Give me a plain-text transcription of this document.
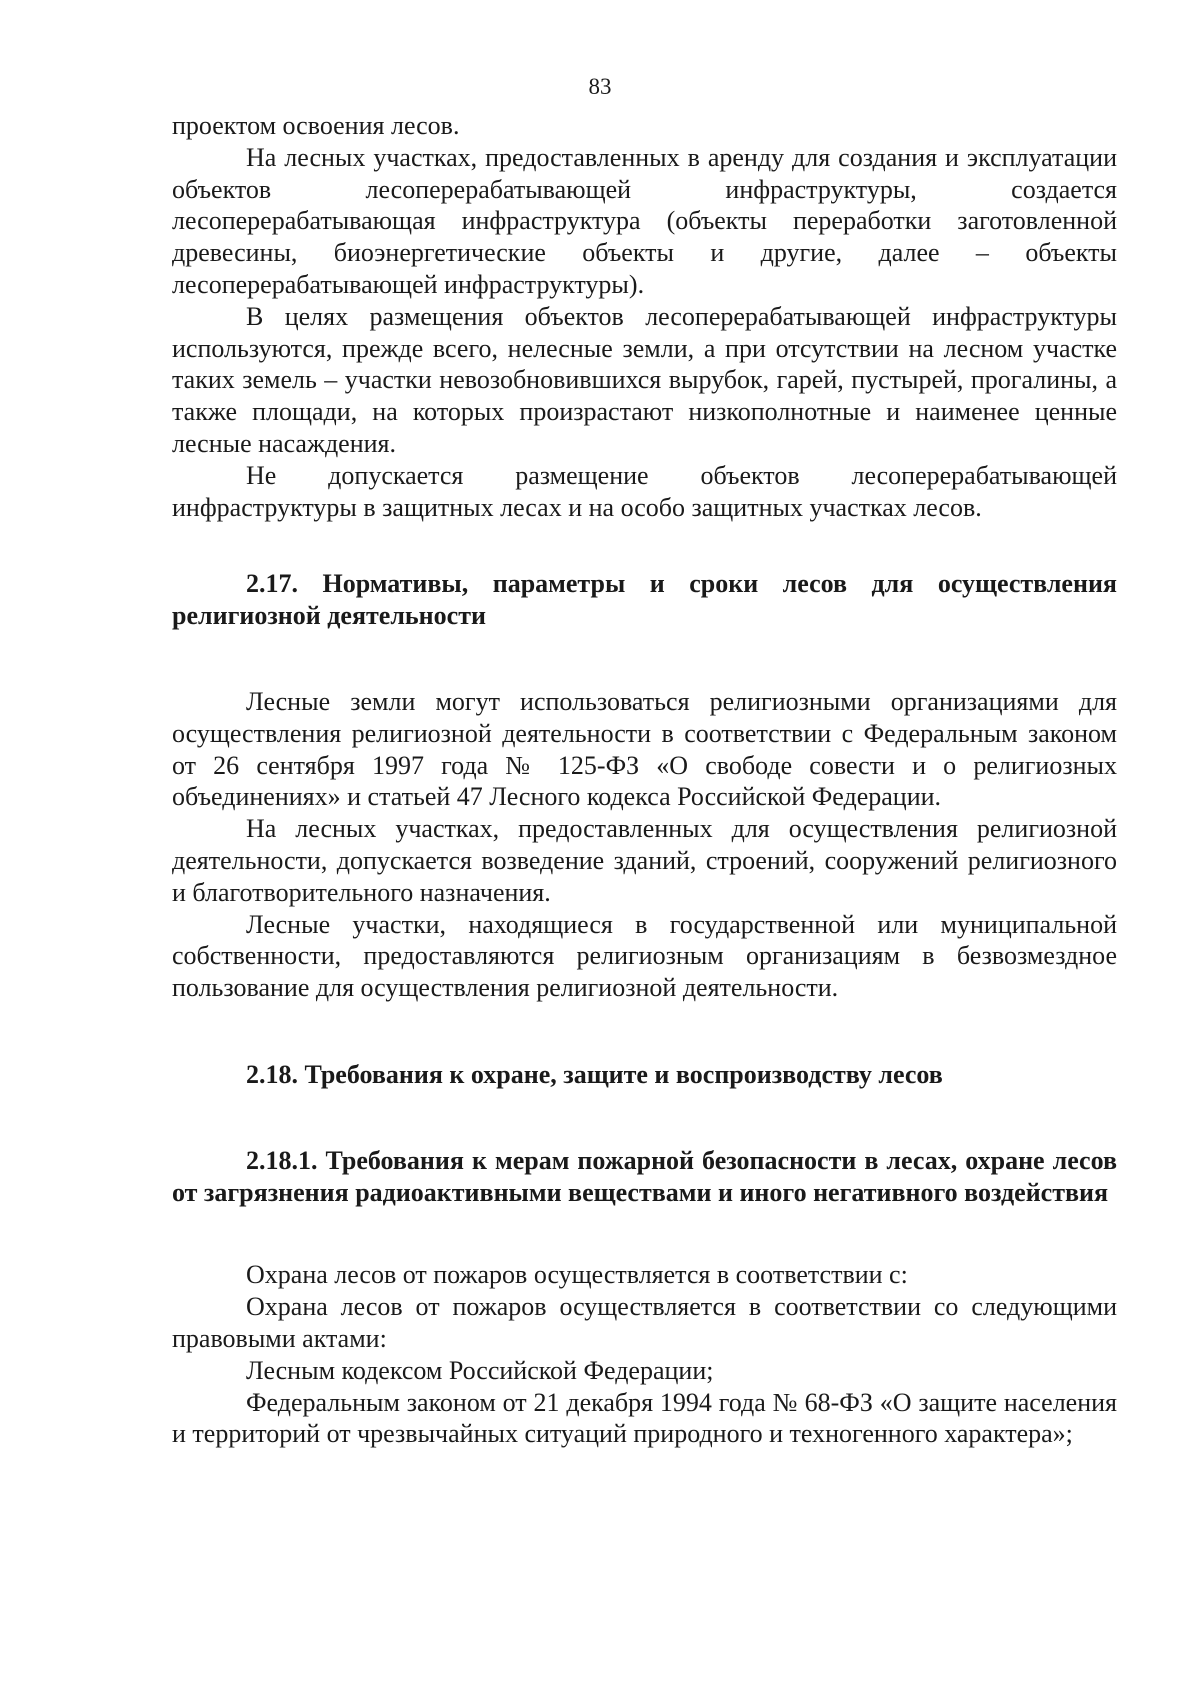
83

проектом освоения лесов.

На лесных участках, предоставленных в аренду для создания и эксплуатации объектов лесоперерабатывающей инфраструктуры, создается лесоперерабатывающая инфраструктура (объекты переработки заготовленной древесины, биоэнергетические объекты и другие, далее – объекты лесоперерабатывающей инфраструктуры).

В целях размещения объектов лесоперерабатывающей инфраструктуры используются, прежде всего, нелесные земли, а при отсутствии на лесном участке таких земель – участки невозобновившихся вырубок, гарей, пустырей, прогалины, а также площади, на которых произрастают низкополнотные и наименее ценные лесные насаждения.

Не допускается размещение объектов лесоперерабатывающей инфраструктуры в защитных лесах и на особо защитных участках лесов.

2.17. Нормативы, параметры и сроки лесов для осуществления религиозной деятельности

Лесные земли могут использоваться религиозными организациями для осуществления религиозной деятельности в соответствии с Федеральным законом от 26 сентября 1997 года № 125-ФЗ «О свободе совести и о религиозных объединениях» и статьей 47 Лесного кодекса Российской Федерации.

На лесных участках, предоставленных для осуществления религиозной деятельности, допускается возведение зданий, строений, сооружений религиозного и благотворительного назначения.

Лесные участки, находящиеся в государственной или муниципальной собственности, предоставляются религиозным организациям в безвозмездное пользование для осуществления религиозной деятельности.

2.18. Требования к охране, защите и воспроизводству лесов
2.18.1. Требования к мерам пожарной безопасности в лесах, охране лесов от загрязнения радиоактивными веществами и иного негативного воздействия

Охрана лесов от пожаров осуществляется в соответствии с:

Охрана лесов от пожаров осуществляется в соответствии со следующими правовыми актами:

Лесным кодексом Российской Федерации;

Федеральным законом от 21 декабря 1994 года № 68-ФЗ «О защите населения и территорий от чрезвычайных ситуаций природного и техногенного характера»;
